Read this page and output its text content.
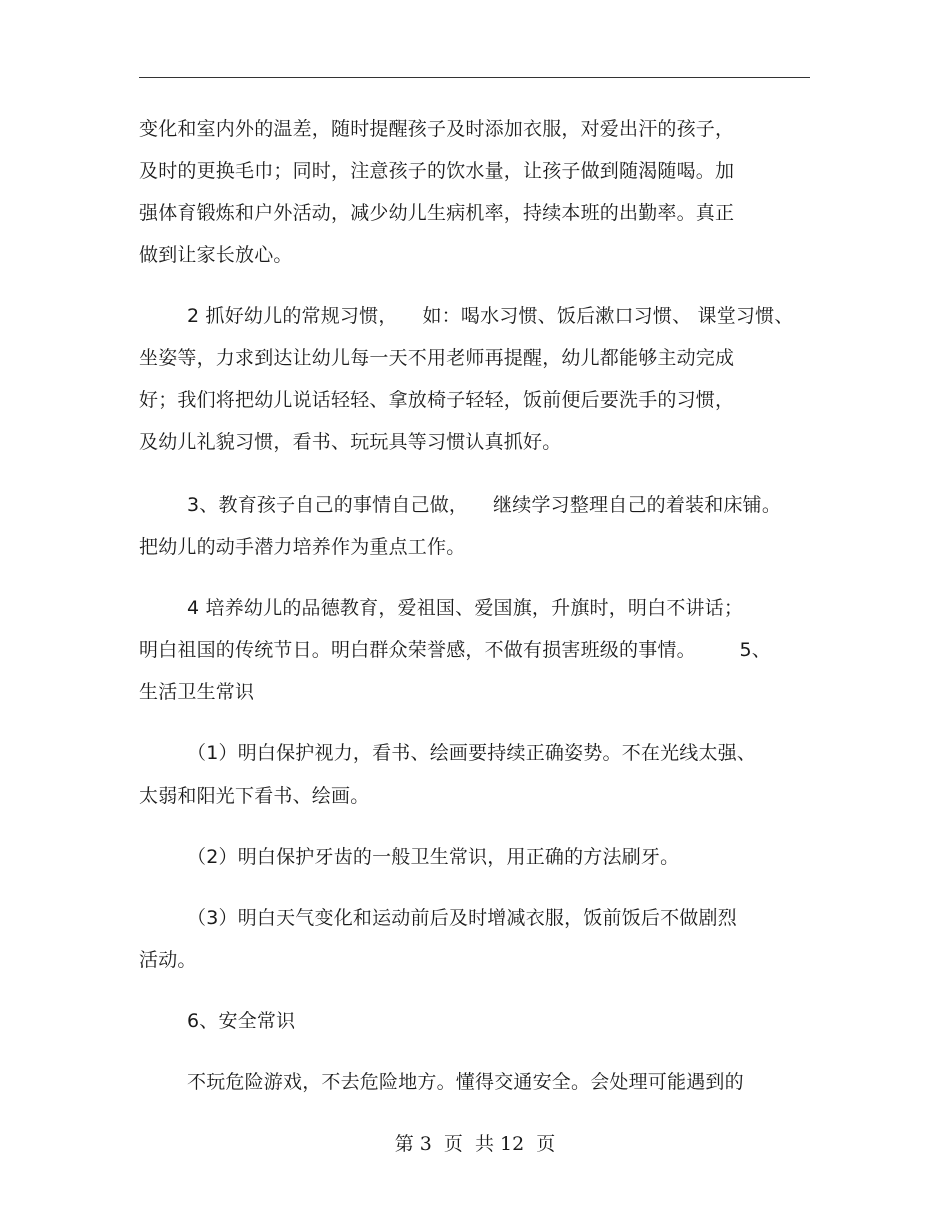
变化和室内外的温差，随时提醒孩子及时添加衣服，对爱出汗的孩子，
及时的更换毛巾；同时，注意孩子的饮水量，让孩子做到随渴随喝。加
强体育锻炼和户外活动，减少幼儿生病机率，持续本班的出勤率。真正
做到让家长放心。
2 抓好幼儿的常规习惯，    如：喝水习惯、饭后漱口习惯、 课堂习惯、
坐姿等，力求到达让幼儿每一天不用老师再提醒，幼儿都能够主动完成
好；我们将把幼儿说话轻轻、拿放椅子轻轻，饭前便后要洗手的习惯，
及幼儿礼貌习惯，看书、玩玩具等习惯认真抓好。
3、教育孩子自己的事情自己做，    继续学习整理自己的着装和床铺。
把幼儿的动手潜力培养作为重点工作。
4 培养幼儿的品德教育，爱祖国、爱国旗，升旗时，明白不讲话；
明白祖国的传统节日。明白群众荣誉感，不做有损害班级的事情。       5、
生活卫生常识
（1）明白保护视力，看书、绘画要持续正确姿势。不在光线太强、
太弱和阳光下看书、绘画。
（2）明白保护牙齿的一般卫生常识，用正确的方法刷牙。
（3）明白天气变化和运动前后及时增减衣服，饭前饭后不做剧烈
活动。
6、安全常识
不玩危险游戏，不去危险地方。懂得交通安全。会处理可能遇到的
第 3  页  共 12  页
